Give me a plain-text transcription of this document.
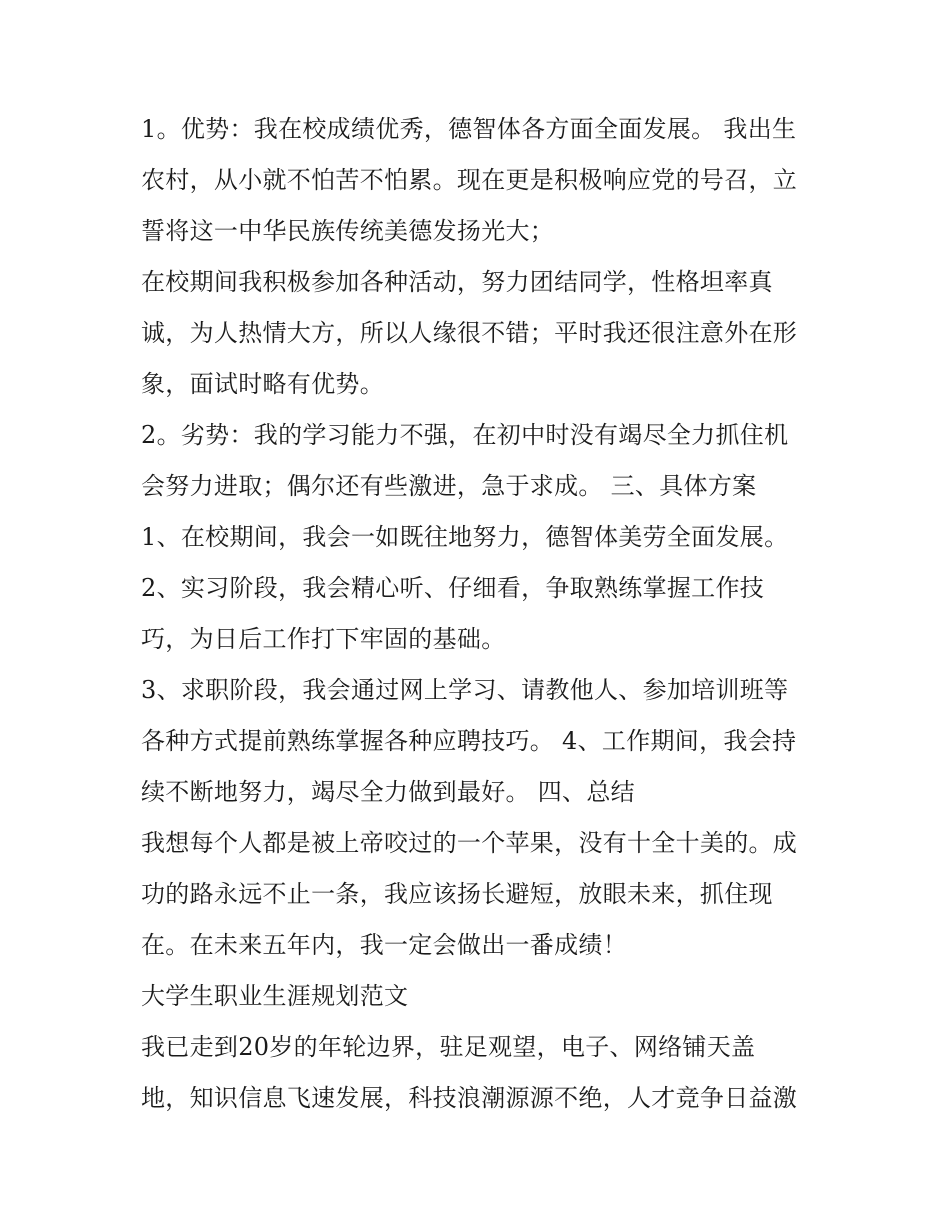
1。优势：我在校成绩优秀，德智体各方面全面发展。 我出生
农村，从小就不怕苦不怕累。现在更是积极响应党的号召，立
誓将这一中华民族传统美德发扬光大；
在校期间我积极参加各种活动，努力团结同学，性格坦率真
诚，为人热情大方，所以人缘很不错；平时我还很注意外在形
象，面试时略有优势。
2。劣势：我的学习能力不强，在初中时没有竭尽全力抓住机
会努力进取；偶尔还有些激进，急于求成。 三、具体方案
1、在校期间，我会一如既往地努力，德智体美劳全面发展。
2、实习阶段，我会精心听、仔细看，争取熟练掌握工作技
巧，为日后工作打下牢固的基础。
3、求职阶段，我会通过网上学习、请教他人、参加培训班等
各种方式提前熟练掌握各种应聘技巧。 4、工作期间，我会持
续不断地努力，竭尽全力做到最好。 四、总结
我想每个人都是被上帝咬过的一个苹果，没有十全十美的。成
功的路永远不止一条，我应该扬长避短，放眼未来，抓住现
在。在未来五年内，我一定会做出一番成绩！
大学生职业生涯规划范文
我已走到20岁的年轮边界，驻足观望，电子、网络铺天盖
地，知识信息飞速发展，科技浪潮源源不绝，人才竞争日益激
